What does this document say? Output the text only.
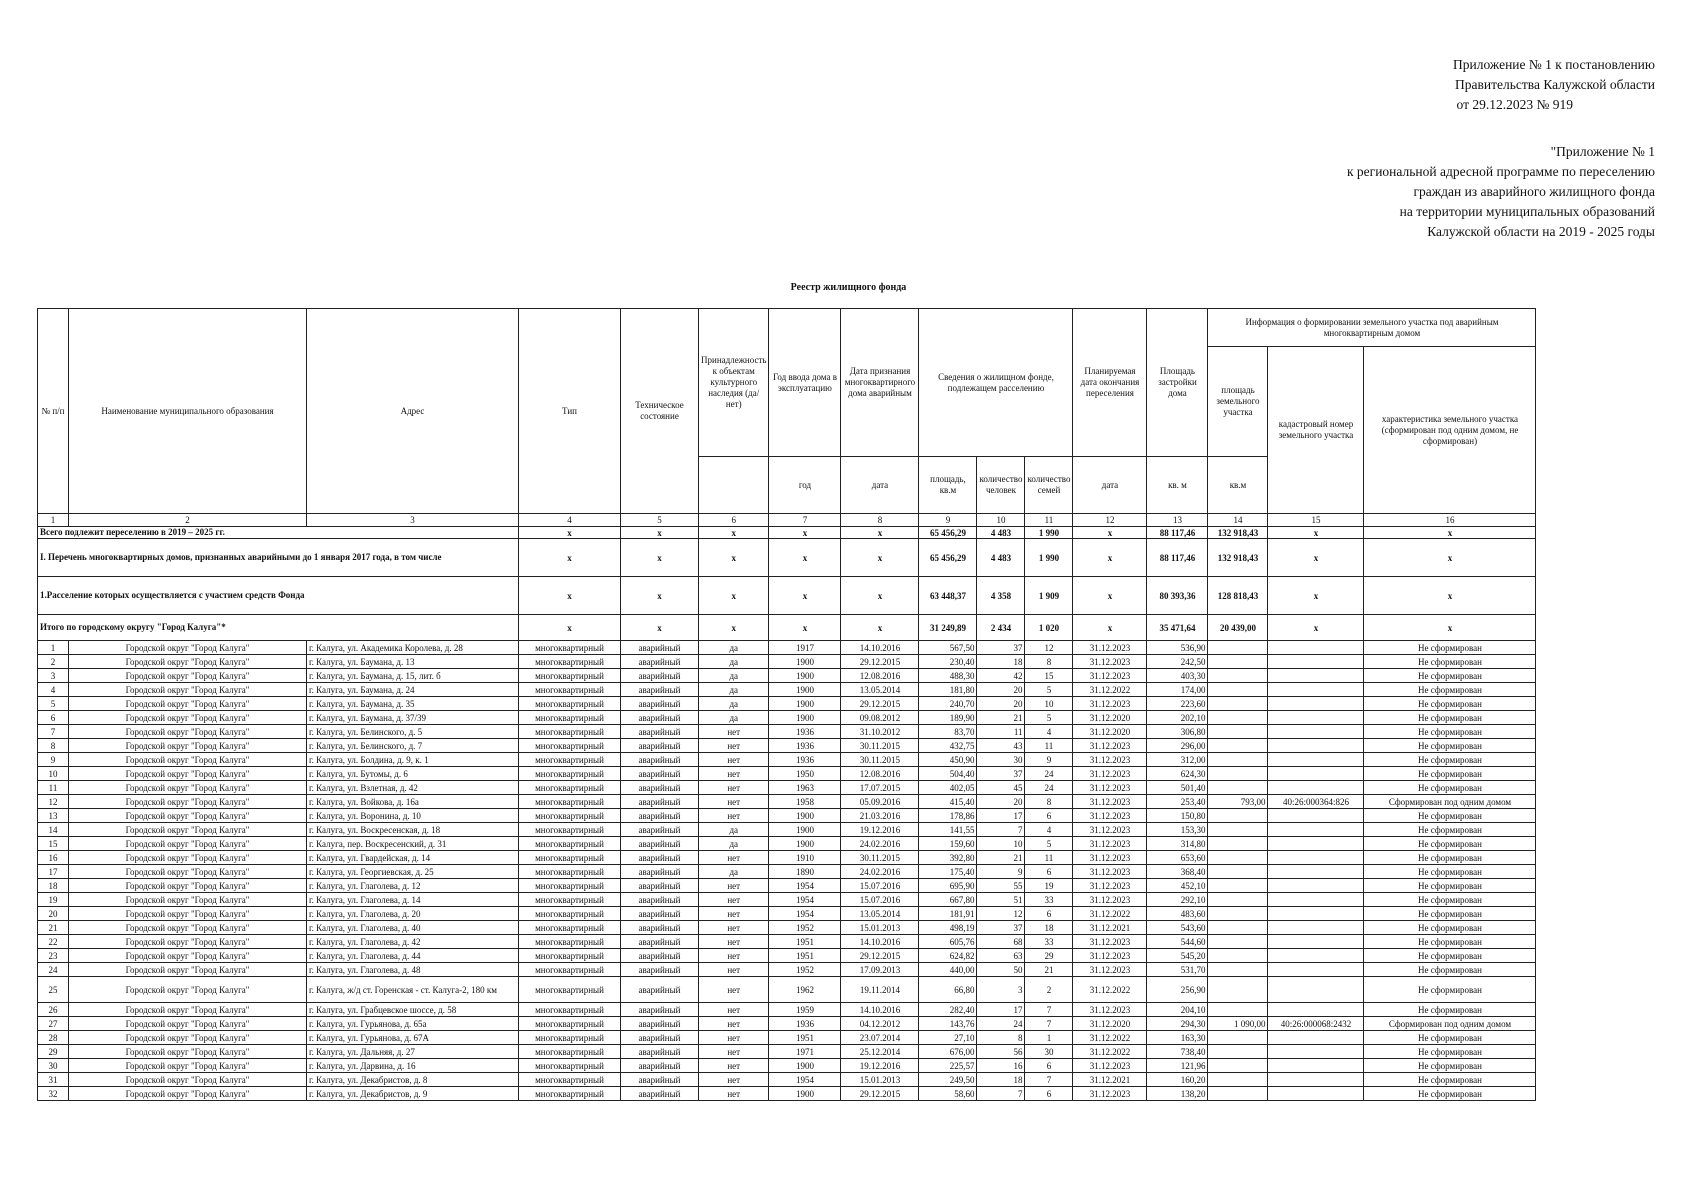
Приложение № 1 к постановлению
Правительства Калужской области
от 29.12.2023 № 919
"Приложение № 1
к региональной адресной программе по переселению
граждан из аварийного жилищного фонда
на территории муниципальных образований
Калужской области на 2019 - 2025 годы
Реестр жилищного фонда
№ п/п	Наименование муниципального образования	Адрес	Тип	Техническое состояние	Принадлежность к объектам культурного наследия (да/нет)	Год ввода дома в эксплуатацию	Дата признания многоквартирного дома аварийным	Сведения о жилищном фонде, подлежащем расселению			Планируемая дата окончания переселения	Площадь застройки дома	Информация о формировании земельного участка под аварийным многоквартирным домом		
													площадь земельного участка	кадастровый номер земельного участка	характеристика земельного участка (сформирован под одним домом, не сформирован)
						год	дата	площадь, кв.м	количество человек	количество семей	дата	кв. м	кв.м		
1	2	3	4	5	6	7	8	9	10	11	12	13	14	15	16
Всего подлежит переселению в 2019 – 2025 гг.			x	x	x	x	x	65 456,29	4 483	1 990	x	88 117,46	132 918,43	x	x
I. Перечень многоквартирных домов, признанных аварийными до 1 января 2017 года, в том числе			x	x	x	x	x	65 456,29	4 483	1 990	x	88 117,46	132 918,43	x	x
1.Расселение которых осуществляется с участием средств Фонда			x	x	x	x	x	63 448,37	4 358	1 909	x	80 393,36	128 818,43	x	x
Итого по городскому округу "Город Калуга"*			x	x	x	x	x	31 249,89	2 434	1 020	x	35 471,64	20 439,00	x	x
1	Городской округ "Город Калуга"	г. Калуга, ул. Академика Королева, д. 28	многоквартирный	аварийный	да	1917	14.10.2016	567,50	37	12	31.12.2023	536,90			Не сформирован
2	Городской округ "Город Калуга"	г. Калуга, ул. Баумана, д. 13	многоквартирный	аварийный	да	1900	29.12.2015	230,40	18	8	31.12.2023	242,50			Не сформирован
3	Городской округ "Город Калуга"	г. Калуга, ул. Баумана, д. 15, лит. б	многоквартирный	аварийный	да	1900	12.08.2016	488,30	42	15	31.12.2023	403,30			Не сформирован
4	Городской округ "Город Калуга"	г. Калуга, ул. Баумана, д. 24	многоквартирный	аварийный	да	1900	13.05.2014	181,80	20	5	31.12.2022	174,00			Не сформирован
5	Городской округ "Город Калуга"	г. Калуга, ул. Баумана, д. 35	многоквартирный	аварийный	да	1900	29.12.2015	240,70	20	10	31.12.2023	223,60			Не сформирован
6	Городской округ "Город Калуга"	г. Калуга, ул. Баумана, д. 37/39	многоквартирный	аварийный	да	1900	09.08.2012	189,90	21	5	31.12.2020	202,10			Не сформирован
7	Городской округ "Город Калуга"	г. Калуга, ул. Белинского, д. 5	многоквартирный	аварийный	нет	1936	31.10.2012	83,70	11	4	31.12.2020	306,80			Не сформирован
8	Городской округ "Город Калуга"	г. Калуга, ул. Белинского, д. 7	многоквартирный	аварийный	нет	1936	30.11.2015	432,75	43	11	31.12.2023	296,00			Не сформирован
9	Городской округ "Город Калуга"	г. Калуга, ул. Болдина, д. 9, к. 1	многоквартирный	аварийный	нет	1936	30.11.2015	450,90	30	9	31.12.2023	312,00			Не сформирован
10	Городской округ "Город Калуга"	г. Калуга, ул. Бутомы, д. 6	многоквартирный	аварийный	нет	1950	12.08.2016	504,40	37	24	31.12.2023	624,30			Не сформирован
11	Городской округ "Город Калуга"	г. Калуга, ул. Взлетная, д. 42	многоквартирный	аварийный	нет	1963	17.07.2015	402,05	45	24	31.12.2023	501,40			Не сформирован
12	Городской округ "Город Калуга"	г. Калуга, ул. Войкова, д. 16а	многоквартирный	аварийный	нет	1958	05.09.2016	415,40	20	8	31.12.2023	253,40	793,00	40:26:000364:826	Сформирован под одним домом
13	Городской округ "Город Калуга"	г. Калуга, ул. Воронина, д. 10	многоквартирный	аварийный	нет	1900	21.03.2016	178,86	17	6	31.12.2023	150,80			Не сформирован
14	Городской округ "Город Калуга"	г. Калуга, ул. Воскресенская, д. 18	многоквартирный	аварийный	да	1900	19.12.2016	141,55	7	4	31.12.2023	153,30			Не сформирован
15	Городской округ "Город Калуга"	г. Калуга, пер. Воскресенский, д. 31	многоквартирный	аварийный	да	1900	24.02.2016	159,60	10	5	31.12.2023	314,80			Не сформирован
16	Городской округ "Город Калуга"	г. Калуга, ул. Гвардейская, д. 14	многоквартирный	аварийный	нет	1910	30.11.2015	392,80	21	11	31.12.2023	653,60			Не сформирован
17	Городской округ "Город Калуга"	г. Калуга, ул. Георгиевская, д. 25	многоквартирный	аварийный	да	1890	24.02.2016	175,40	9	6	31.12.2023	368,40			Не сформирован
18	Городской округ "Город Калуга"	г. Калуга, ул. Глаголева, д. 12	многоквартирный	аварийный	нет	1954	15.07.2016	695,90	55	19	31.12.2023	452,10			Не сформирован
19	Городской округ "Город Калуга"	г. Калуга, ул. Глаголева, д. 14	многоквартирный	аварийный	нет	1954	15.07.2016	667,80	51	33	31.12.2023	292,10			Не сформирован
20	Городской округ "Город Калуга"	г. Калуга, ул. Глаголева, д. 20	многоквартирный	аварийный	нет	1954	13.05.2014	181,91	12	6	31.12.2022	483,60			Не сформирован
21	Городской округ "Город Калуга"	г. Калуга, ул. Глаголева, д. 40	многоквартирный	аварийный	нет	1952	15.01.2013	498,19	37	18	31.12.2021	543,60			Не сформирован
22	Городской округ "Город Калуга"	г. Калуга, ул. Глаголева, д. 42	многоквартирный	аварийный	нет	1951	14.10.2016	605,76	68	33	31.12.2023	544,60			Не сформирован
23	Городской округ "Город Калуга"	г. Калуга, ул. Глаголева, д. 44	многоквартирный	аварийный	нет	1951	29.12.2015	624,82	63	29	31.12.2023	545,20			Не сформирован
24	Городской округ "Город Калуга"	г. Калуга, ул. Глаголева, д. 48	многоквартирный	аварийный	нет	1952	17.09.2013	440,00	50	21	31.12.2023	531,70			Не сформирован
25	Городской округ "Город Калуга"	г. Калуга, ж/д ст. Горенская - ст. Калуга-2, 180 км	многоквартирный	аварийный	нет	1962	19.11.2014	66,80	3	2	31.12.2022	256,90			Не сформирован
26	Городской округ "Город Калуга"	г. Калуга, ул. Грабцевское шоссе, д. 58	многоквартирный	аварийный	нет	1959	14.10.2016	282,40	17	7	31.12.2023	204,10			Не сформирован
27	Городской округ "Город Калуга"	г. Калуга, ул. Гурьянова, д. 65а	многоквартирный	аварийный	нет	1936	04.12.2012	143,76	24	7	31.12.2020	294,30	1 090,00	40:26:000068:2432	Сформирован под одним домом
28	Городской округ "Город Калуга"	г. Калуга, ул. Гурьянова, д. 67А	многоквартирный	аварийный	нет	1951	23.07.2014	27,10	8	1	31.12.2022	163,30			Не сформирован
29	Городской округ "Город Калуга"	г. Калуга, ул. Дальняя, д. 27	многоквартирный	аварийный	нет	1971	25.12.2014	676,00	56	30	31.12.2022	738,40			Не сформирован
30	Городской округ "Город Калуга"	г. Калуга, ул. Дарвина, д. 16	многоквартирный	аварийный	нет	1900	19.12.2016	225,57	16	6	31.12.2023	121,96			Не сформирован
31	Городской округ "Город Калуга"	г. Калуга, ул. Декабристов, д. 8	многоквартирный	аварийный	нет	1954	15.01.2013	249,50	18	7	31.12.2021	160,20			Не сформирован
32	Городской округ "Город Калуга"	г. Калуга, ул. Декабристов, д. 9	многоквартирный	аварийный	нет	1900	29.12.2015	58,60	7	6	31.12.2023	138,20			Не сформирован
